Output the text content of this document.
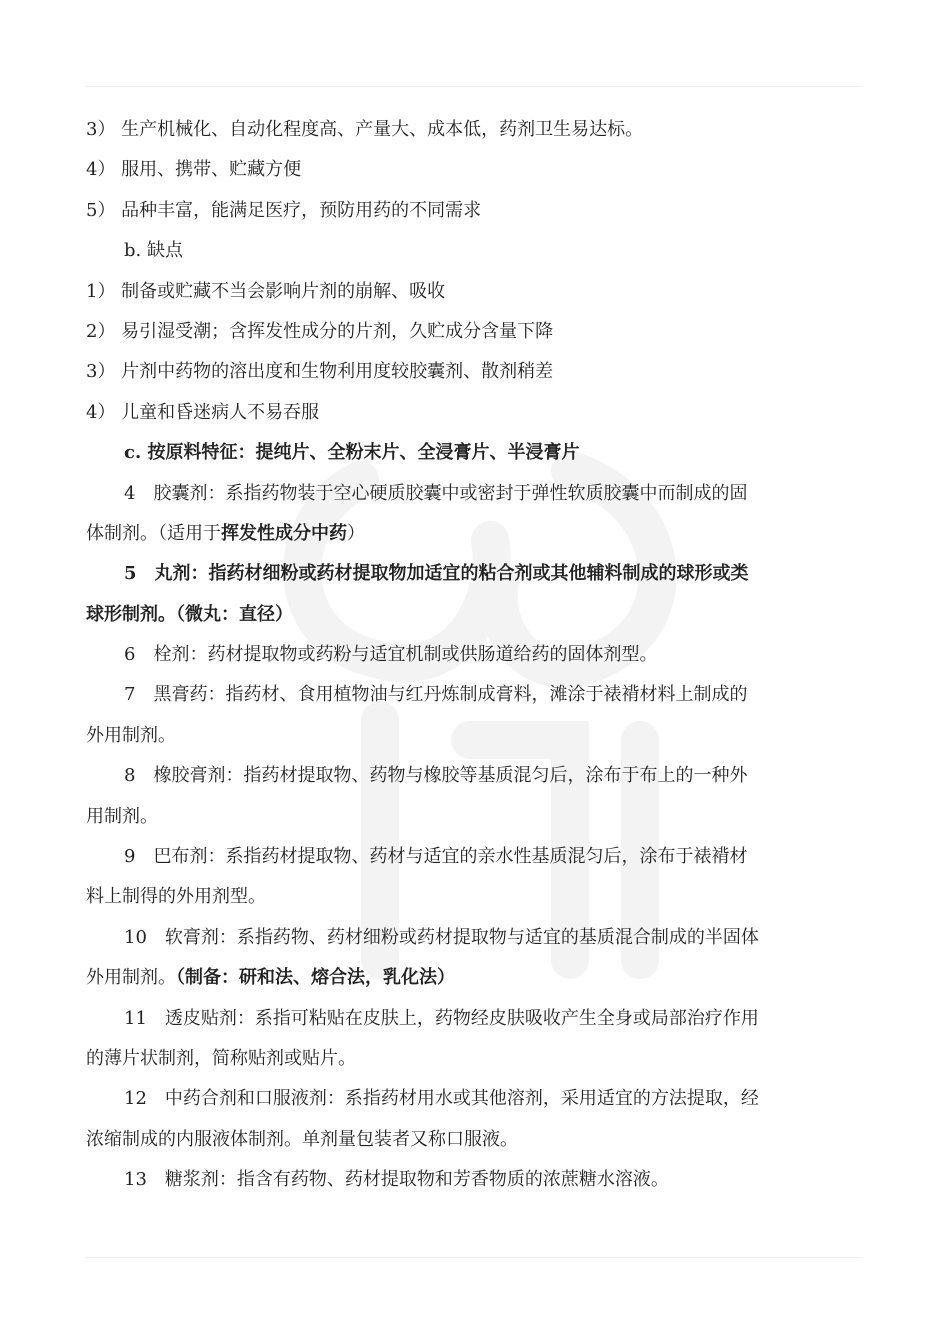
3） 生产机械化、自动化程度高、产量大、成本低，药剂卫生易达标。
4） 服用、携带、贮藏方便
5） 品种丰富，能满足医疗，预防用药的不同需求
b. 缺点
1） 制备或贮藏不当会影响片剂的崩解、吸收
2） 易引湿受潮；含挥发性成分的片剂，久贮成分含量下降
3） 片剂中药物的溶出度和生物利用度较胶囊剂、散剂稍差
4） 儿童和昏迷病人不易吞服
c. 按原料特征：提纯片、全粉末片、全浸膏片、半浸膏片
4　胶囊剂：系指药物装于空心硬质胶囊中或密封于弹性软质胶囊中而制成的固
体制剂。（适用于挥发性成分中药）
5　丸剂：指药材细粉或药材提取物加适宜的粘合剂或其他辅料制成的球形或类
球形制剂。（微丸：直径）
6　栓剂：药材提取物或药粉与适宜机制或供肠道给药的固体剂型。
7　黑膏药：指药材、食用植物油与红丹炼制成膏料，滩涂于裱褙材料上制成的
外用制剂。
8　橡胶膏剂：指药材提取物、药物与橡胶等基质混匀后，涂布于布上的一种外
用制剂。
9　巴布剂：系指药材提取物、药材与适宜的亲水性基质混匀后，涂布于裱褙材
料上制得的外用剂型。
10　软膏剂：系指药物、药材细粉或药材提取物与适宜的基质混合制成的半固体
外用制剂。（制备：研和法、熔合法，乳化法）
11　透皮贴剂：系指可粘贴在皮肤上，药物经皮肤吸收产生全身或局部治疗作用
的薄片状制剂，简称贴剂或贴片。
12　中药合剂和口服液剂：系指药材用水或其他溶剂，采用适宜的方法提取，经
浓缩制成的内服液体制剂。单剂量包装者又称口服液。
13　糖浆剂：指含有药物、药材提取物和芳香物质的浓蔗糖水溶液。
